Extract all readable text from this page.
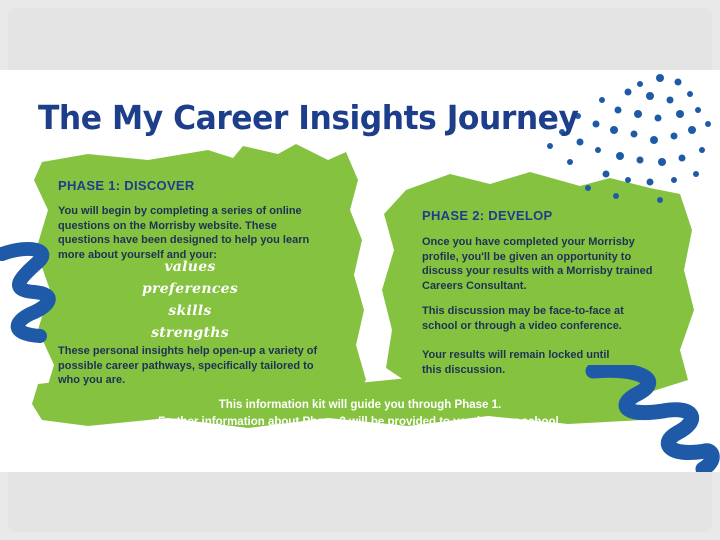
The My Career Insights Journey
PHASE 1: DISCOVER

You will begin by completing a series of online questions on the Morrisby website. These questions have been designed to help you learn more about yourself and your:

values
preferences
skills
strengths

These personal insights help open-up a variety of possible career pathways, specifically tailored to who you are.

PHASE 2: DEVELOP

Once you have completed your Morrisby profile, you'll be given an opportunity to discuss your results with a Morrisby trained Careers Consultant.

This discussion may be face-to-face at school or through a video conference.

Your results will remain locked until this discussion.

This information kit will guide you through Phase 1.
Further information about Phase 2 will be provided to you by your school.
